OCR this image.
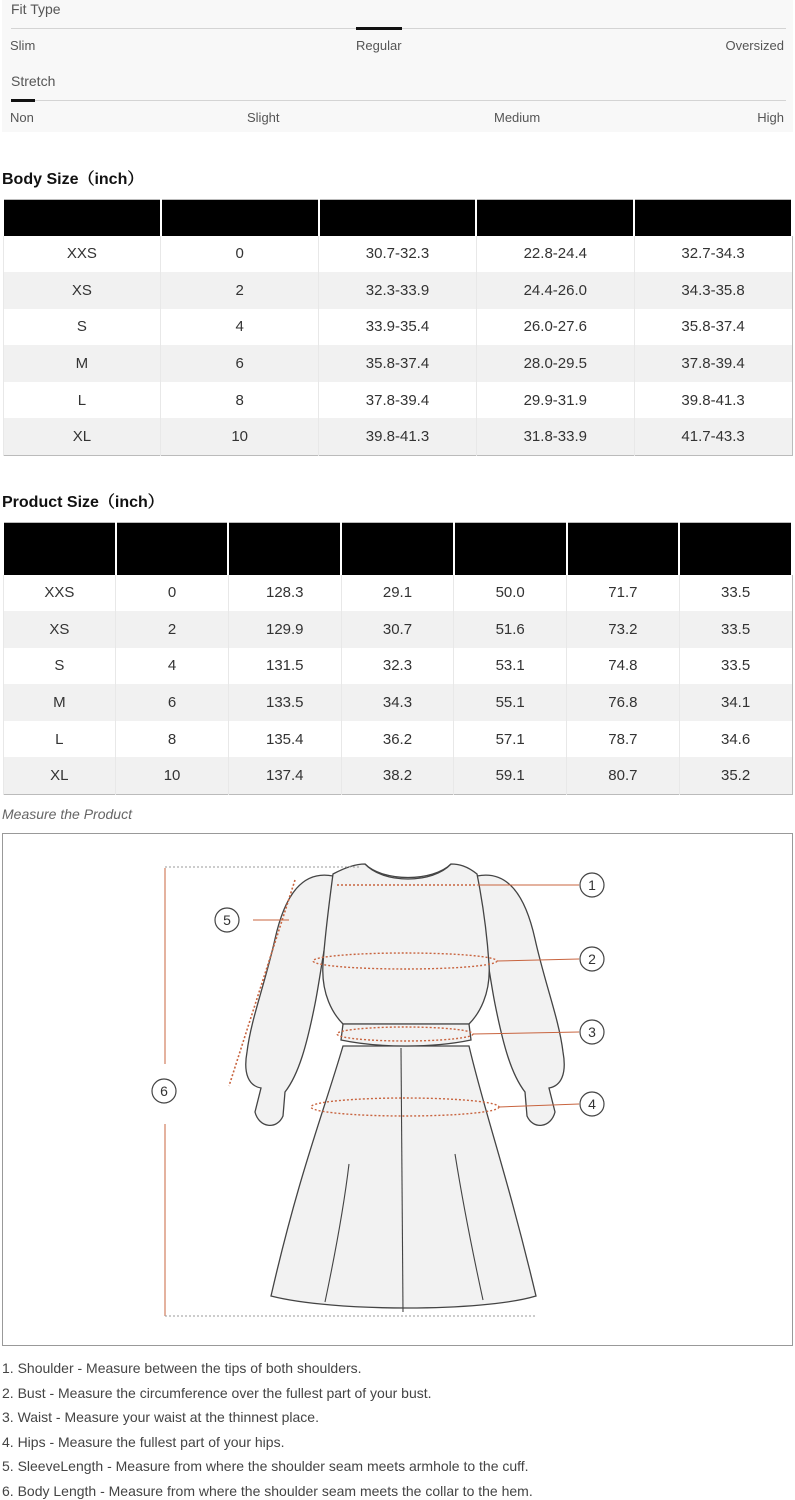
Fit Type
Slim	Regular	Oversized
Stretch
Non	Slight	Medium	High
Body Size（inch）

XXS	0	30.7-32.3	22.8-24.4	32.7-34.3
XS	2	32.3-33.9	24.4-26.0	34.3-35.8
S	4	33.9-35.4	26.0-27.6	35.8-37.4
M	6	35.8-37.4	28.0-29.5	37.8-39.4
L	8	37.8-39.4	29.9-31.9	39.8-41.3
XL	10	39.8-41.3	31.8-33.9	41.7-43.3
Product Size（inch）

XXS	0	128.3	29.1	50.0	71.7	33.5
XS	2	129.9	30.7	51.6	73.2	33.5
S	4	131.5	32.3	53.1	74.8	33.5
M	6	133.5	34.3	55.1	76.8	34.1
L	8	135.4	36.2	57.1	78.7	34.6
XL	10	137.4	38.2	59.1	80.7	35.2
Measure the Product
1
2
3
4
5
6
1. Shoulder - Measure between the tips of both shoulders.
2. Bust - Measure the circumference over the fullest part of your bust.
3. Waist - Measure your waist at the thinnest place.
4. Hips - Measure the fullest part of your hips.
5. SleeveLength - Measure from where the shoulder seam meets armhole to the cuff.
6. Body Length - Measure from where the shoulder seam meets the collar to the hem.
